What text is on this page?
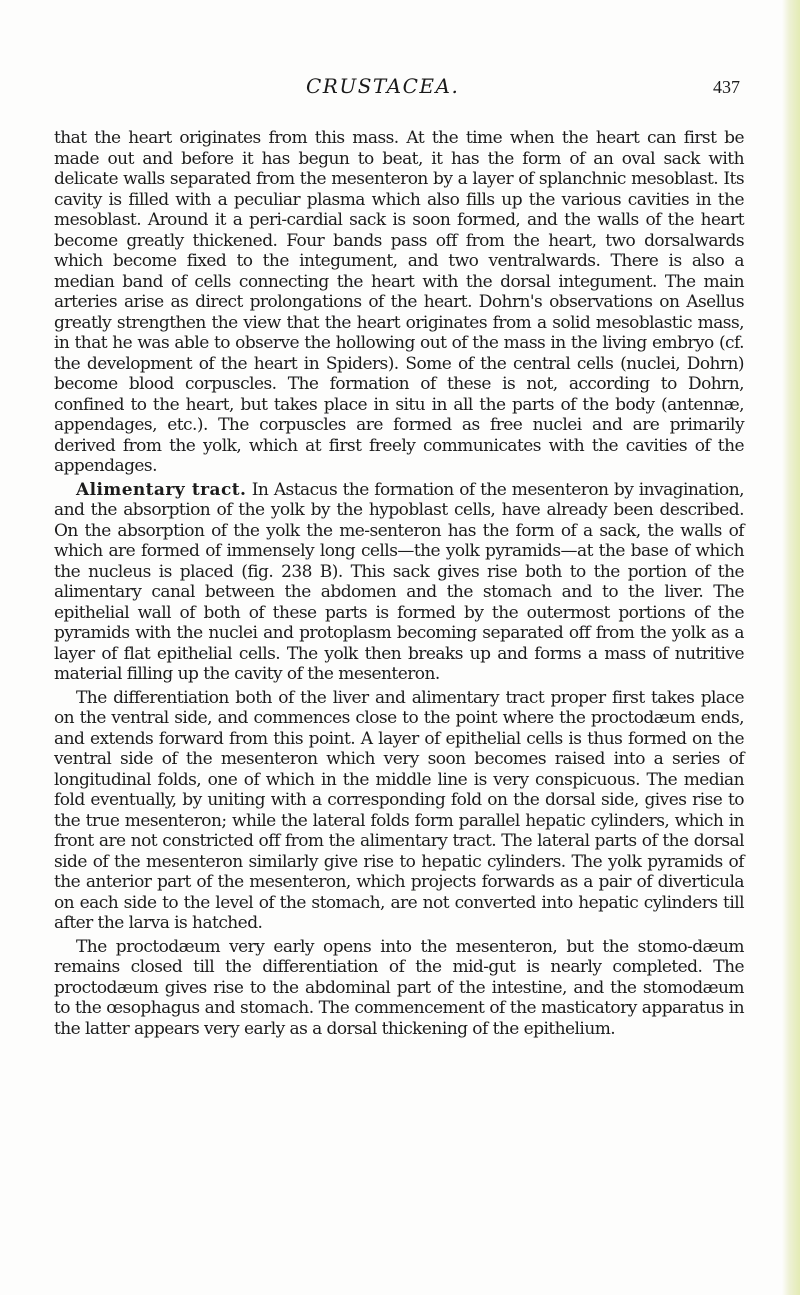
CRUSTACEA.	437

that the heart originates from this mass. At the time when the heart can first be made out and before it has begun to beat, it has the form of an oval sack with delicate walls separated from the mesenteron by a layer of splanchnic mesoblast. Its cavity is filled with a peculiar plasma which also fills up the various cavities in the mesoblast. Around it a peri-cardial sack is soon formed, and the walls of the heart become greatly thickened. Four bands pass off from the heart, two dorsalwards which become fixed to the integument, and two ventralwards. There is also a median band of cells connecting the heart with the dorsal integument. The main arteries arise as direct prolongations of the heart. Dohrn's observations on Asellus greatly strengthen the view that the heart originates from a solid mesoblastic mass, in that he was able to observe the hollowing out of the mass in the living embryo (cf. the development of the heart in Spiders). Some of the central cells (nuclei, Dohrn) become blood corpuscles. The formation of these is not, according to Dohrn, confined to the heart, but takes place in situ in all the parts of the body (antennæ, appendages, etc.). The corpuscles are formed as free nuclei and are primarily derived from the yolk, which at first freely communicates with the cavities of the appendages.

Alimentary tract. In Astacus the formation of the mesenteron by invagination, and the absorption of the yolk by the hypoblast cells, have already been described. On the absorption of the yolk the me-senteron has the form of a sack, the walls of which are formed of immensely long cells—the yolk pyramids—at the base of which the nucleus is placed (fig. 238 B). This sack gives rise both to the portion of the alimentary canal between the abdomen and the stomach and to the liver. The epithelial wall of both of these parts is formed by the outermost portions of the pyramids with the nuclei and protoplasm becoming separated off from the yolk as a layer of flat epithelial cells. The yolk then breaks up and forms a mass of nutritive material filling up the cavity of the mesenteron.

The differentiation both of the liver and alimentary tract proper first takes place on the ventral side, and commences close to the point where the proctodæum ends, and extends forward from this point. A layer of epithelial cells is thus formed on the ventral side of the mesenteron which very soon becomes raised into a series of longitudinal folds, one of which in the middle line is very conspicuous. The median fold eventually, by uniting with a corresponding fold on the dorsal side, gives rise to the true mesenteron; while the lateral folds form parallel hepatic cylinders, which in front are not constricted off from the alimentary tract. The lateral parts of the dorsal side of the mesenteron similarly give rise to hepatic cylinders. The yolk pyramids of the anterior part of the mesenteron, which projects forwards as a pair of diverticula on each side to the level of the stomach, are not converted into hepatic cylinders till after the larva is hatched.

The proctodæum very early opens into the mesenteron, but the stomo-dæum remains closed till the differentiation of the mid-gut is nearly completed. The proctodæum gives rise to the abdominal part of the intestine, and the stomodæum to the œsophagus and stomach. The commencement of the masticatory apparatus in the latter appears very early as a dorsal thickening of the epithelium.
